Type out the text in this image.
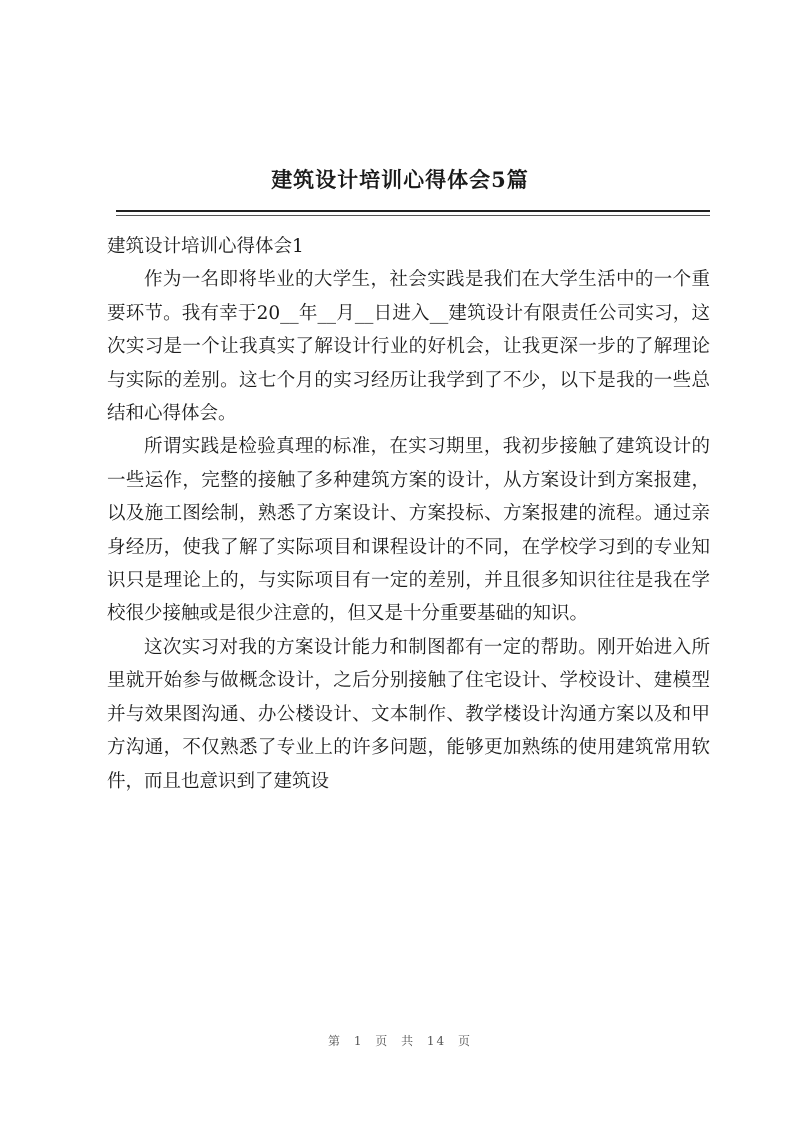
建筑设计培训心得体会5篇

建筑设计培训心得体会1

作为一名即将毕业的大学生，社会实践是我们在大学生活中的一个重要环节。我有幸于20__年__月__日进入__建筑设计有限责任公司实习，这次实习是一个让我真实了解设计行业的好机会，让我更深一步的了解理论与实际的差别。这七个月的实习经历让我学到了不少，以下是我的一些总结和心得体会。

所谓实践是检验真理的标准，在实习期里，我初步接触了建筑设计的一些运作，完整的接触了多种建筑方案的设计，从方案设计到方案报建，以及施工图绘制，熟悉了方案设计、方案投标、方案报建的流程。通过亲身经历，使我了解了实际项目和课程设计的不同，在学校学习到的专业知识只是理论上的，与实际项目有一定的差别，并且很多知识往往是我在学校很少接触或是很少注意的，但又是十分重要基础的知识。

这次实习对我的方案设计能力和制图都有一定的帮助。刚开始进入所里就开始参与做概念设计，之后分别接触了住宅设计、学校设计、建模型并与效果图沟通、办公楼设计、文本制作、教学楼设计沟通方案以及和甲方沟通，不仅熟悉了专业上的许多问题，能够更加熟练的使用建筑常用软件，而且也意识到了建筑设

第 1 页 共 14 页
